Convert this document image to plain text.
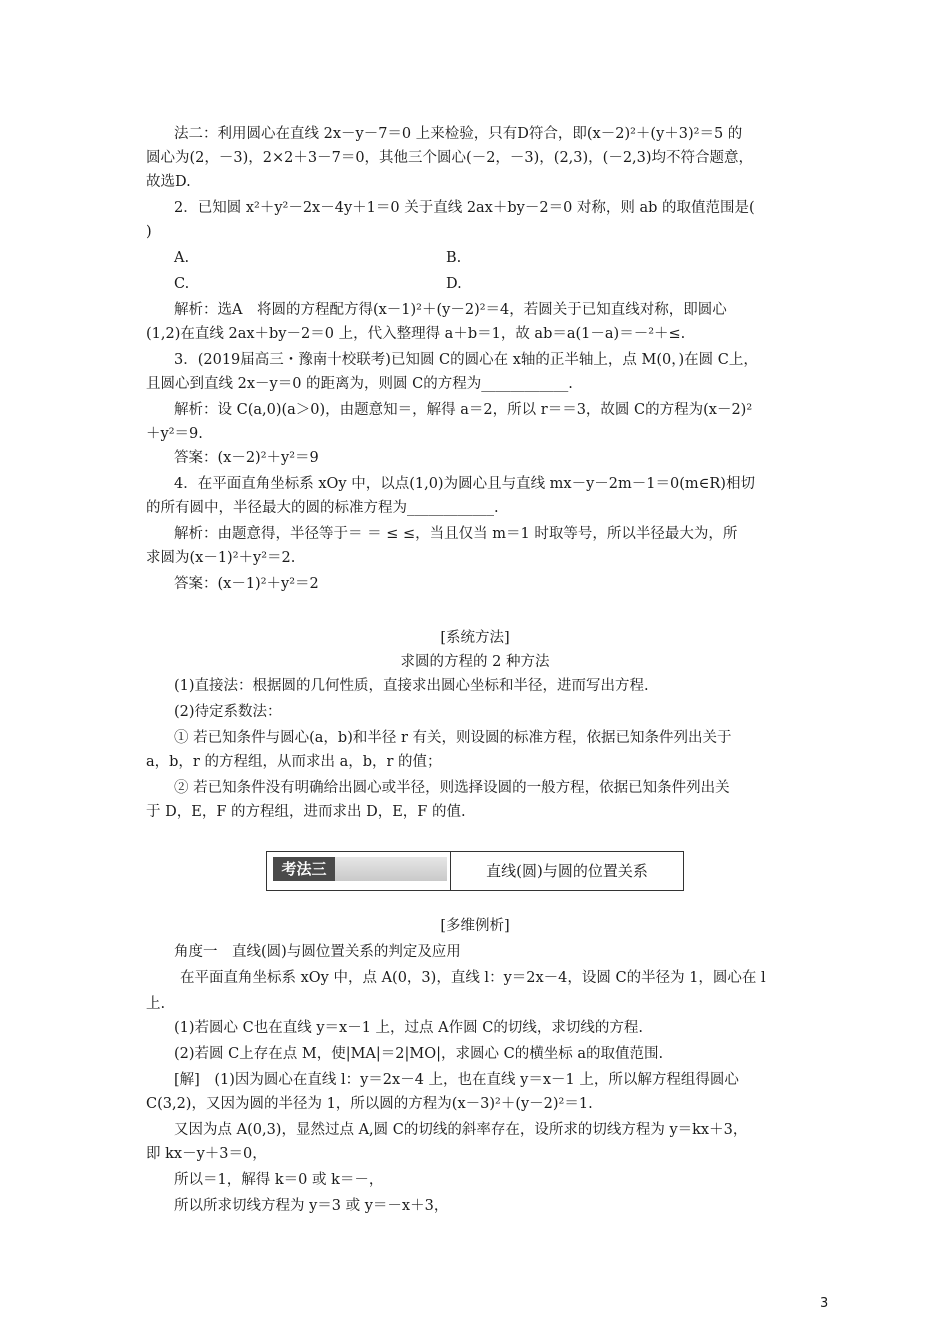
法二：利用圆心在直线 2x－y－7＝0 上来检验，只有D符合，即(x－2)²＋(y＋3)²＝5 的
圆心为(2，－3)，2×2＋3－7＝0，其他三个圆心(－2，－3)，(2,3)，(－2,3)均不符合题意，
故选D.
2．已知圆 x²＋y²－2x－4y＋1＝0 关于直线 2ax＋by－2＝0 对称，则 ab 的取值范围是(
)
A.	B.
C.	D.
解析：选A　将圆的方程配方得(x－1)²＋(y－2)²＝4，若圆关于已知直线对称，即圆心
(1,2)在直线 2ax＋by－2＝0 上，代入整理得 a＋b＝1，故 ab＝a(1－a)＝－²＋≤.
3．(2019届高三・豫南十校联考)已知圆 C的圆心在 x轴的正半轴上，点 M(0，)在圆 C上，
且圆心到直线 2x－y＝0 的距离为，则圆 C的方程为____________.
解析：设 C(a,0)(a＞0)，由题意知＝，解得 a＝2，所以 r＝＝3，故圆 C的方程为(x－2)²
＋y²＝9.
答案：(x－2)²＋y²＝9
4．在平面直角坐标系 xOy 中，以点(1,0)为圆心且与直线 mx－y－2m－1＝0(m∈R)相切
的所有圆中，半径最大的圆的标准方程为____________.
解析：由题意得，半径等于＝ ＝ ≤ ≤，当且仅当 m＝1 时取等号，所以半径最大为，所
求圆为(x－1)²＋y²＝2.
答案：(x－1)²＋y²＝2
[系统方法]
求圆的方程的 2 种方法
(1)直接法：根据圆的几何性质，直接求出圆心坐标和半径，进而写出方程.
(2)待定系数法：
① 若已知条件与圆心(a，b)和半径 r 有关，则设圆的标准方程，依据已知条件列出关于
a，b，r 的方程组，从而求出 a，b，r 的值；
② 若已知条件没有明确给出圆心或半径，则选择设圆的一般方程，依据已知条件列出关
于 D，E，F 的方程组，进而求出 D，E，F 的值.
考法三	直线(圆)与圆的位置关系
[多维例析]
角度一　直线(圆)与圆位置关系的判定及应用
在平面直角坐标系 xOy 中，点 A(0，3)，直线 l：y＝2x－4，设圆 C的半径为 1，圆心在 l
上.
(1)若圆心 C也在直线 y＝x－1 上，过点 A作圆 C的切线，求切线的方程.
(2)若圆 C上存在点 M，使|MA|＝2|MO|，求圆心 C的横坐标 a的取值范围.
[解]　(1)因为圆心在直线 l：y＝2x－4 上，也在直线 y＝x－1 上，所以解方程组得圆心
C(3,2)，又因为圆的半径为 1，所以圆的方程为(x－3)²＋(y－2)²＝1.
又因为点 A(0,3)，显然过点 A,圆 C的切线的斜率存在，设所求的切线方程为 y＝kx＋3，
即 kx－y＋3＝0，
所以＝1，解得 k＝0 或 k＝－，
所以所求切线方程为 y＝3 或 y＝－x＋3，
3
